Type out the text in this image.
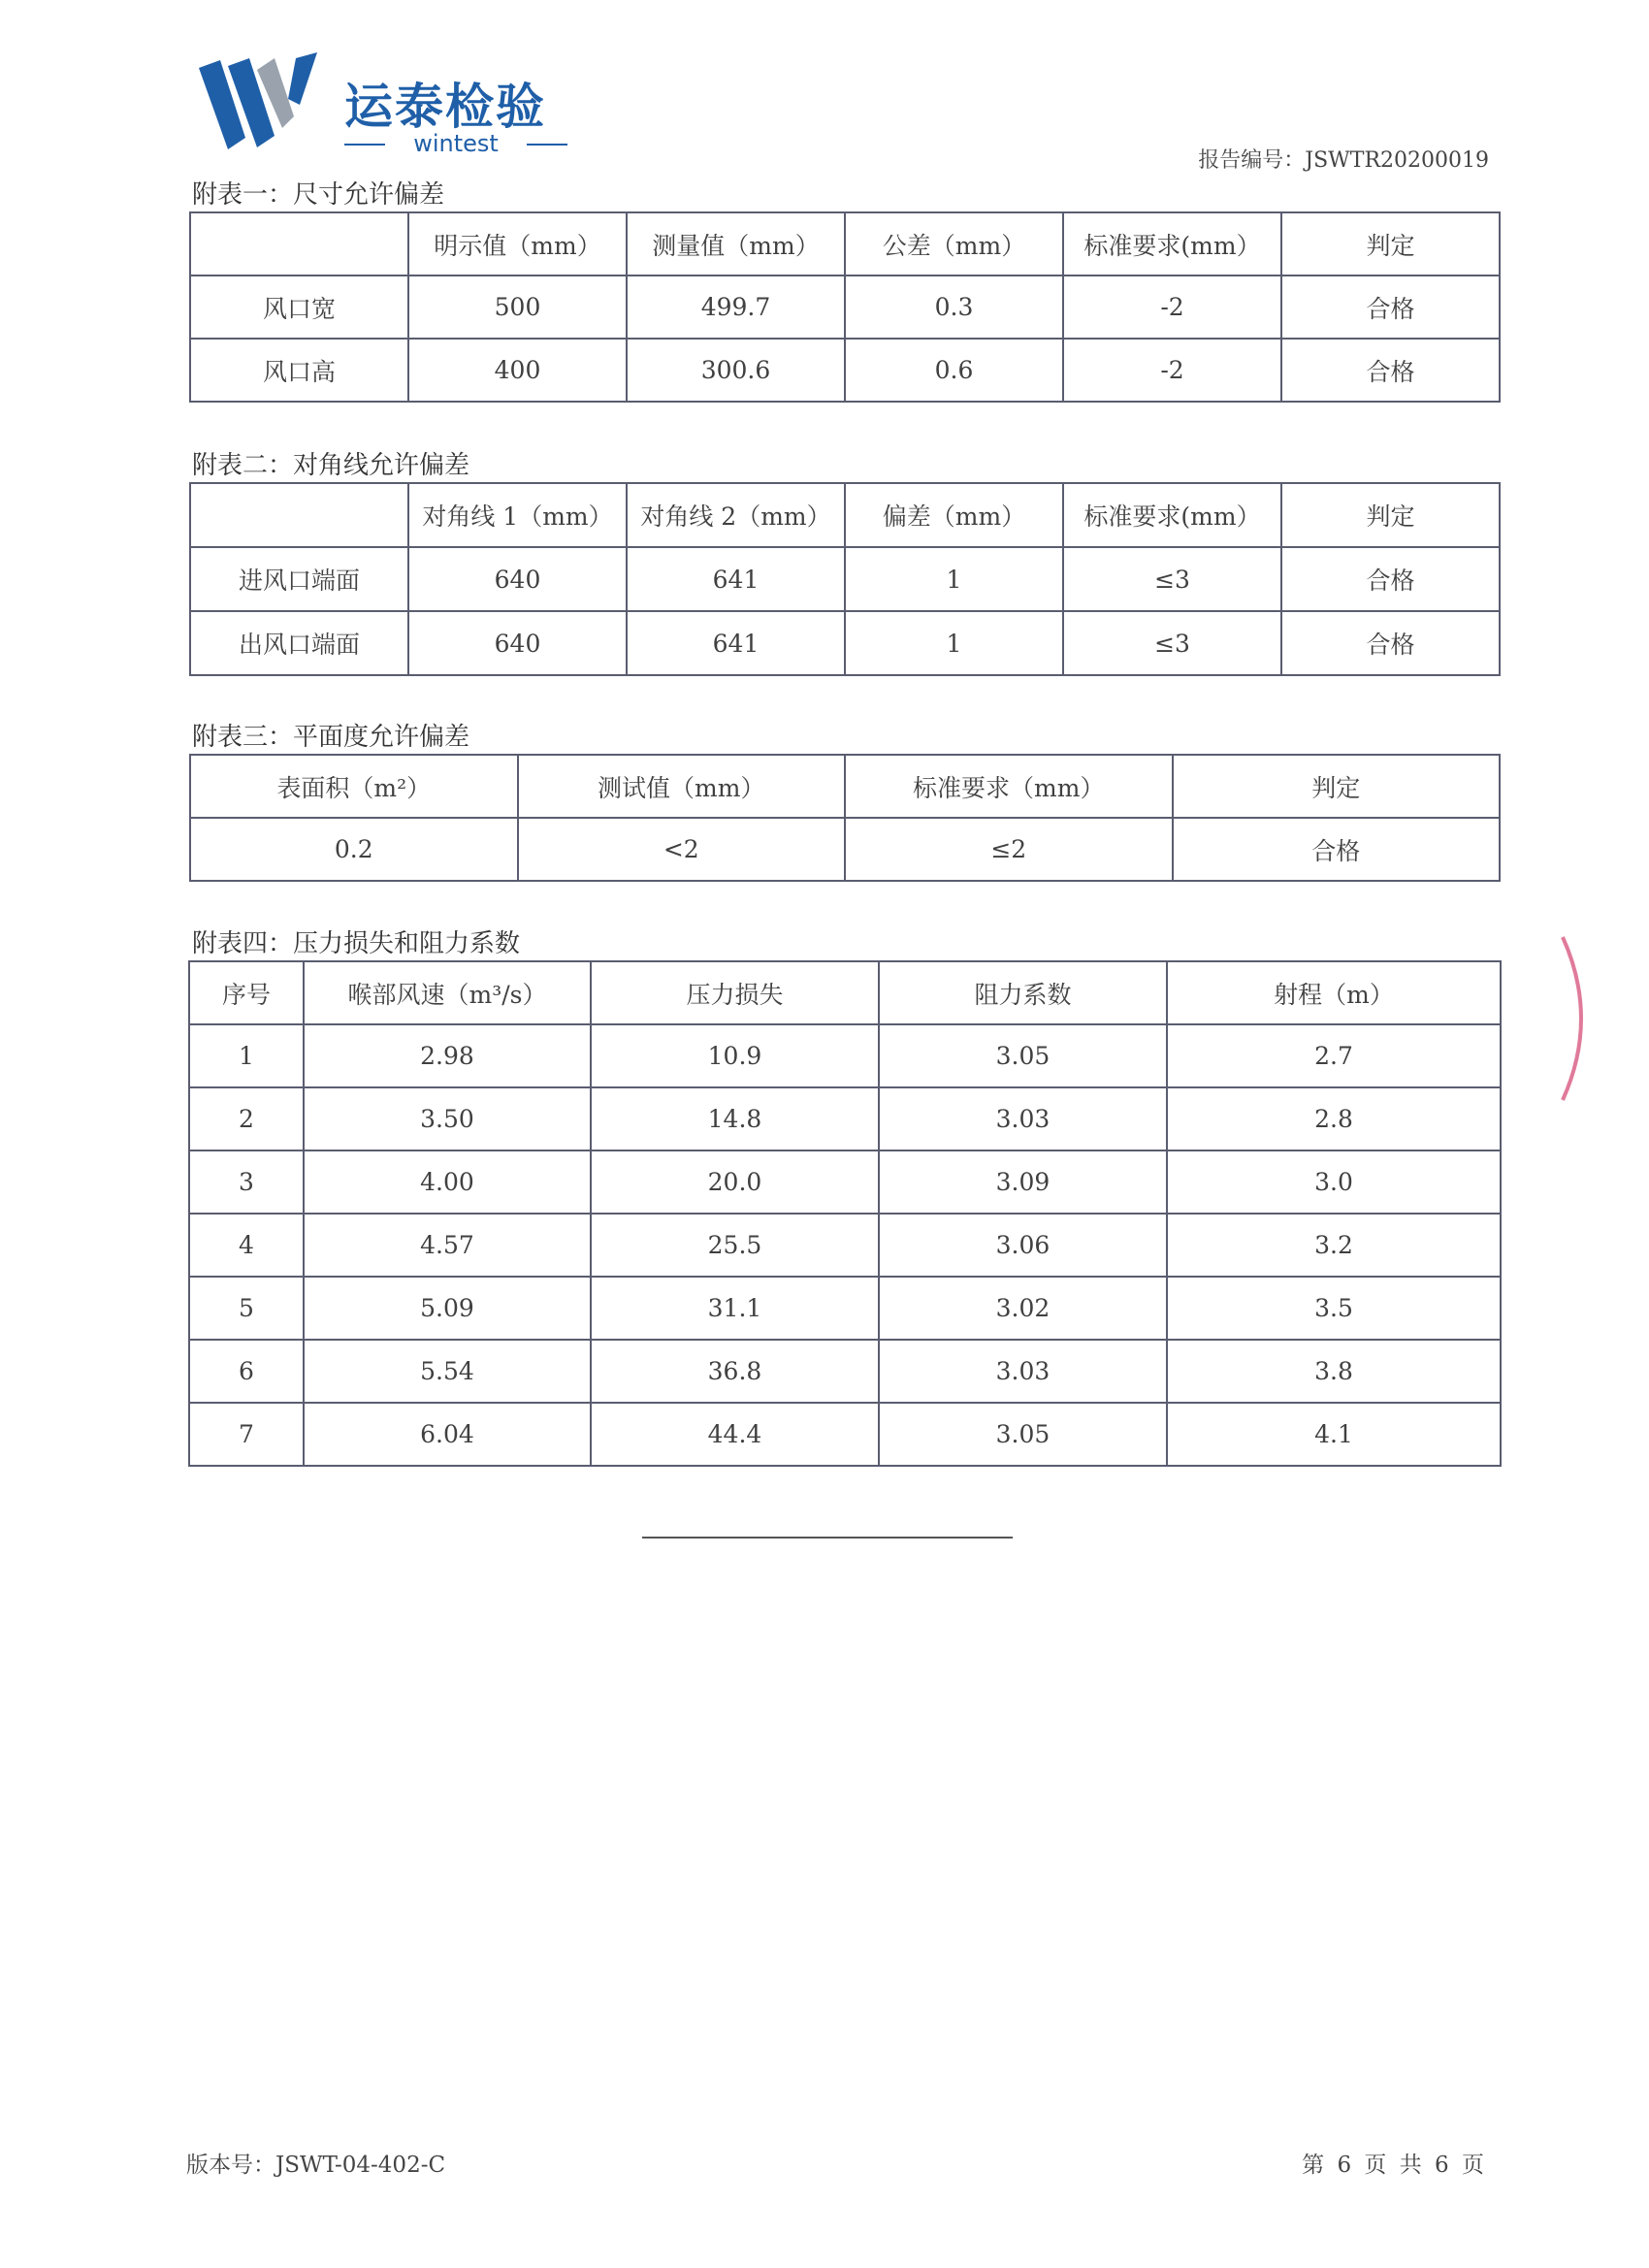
运泰检验
wintest
报告编号：JSWTR20200019
附表一：尺寸允许偏差
	明示值（mm）	测量值（mm）	公差（mm）	标准要求(mm）	判定
风口宽	500	499.7	0.3	-2	合格
风口高	400	300.6	0.6	-2	合格
附表二：对角线允许偏差
	对角线 1（mm）	对角线 2（mm）	偏差（mm）	标准要求(mm）	判定
进风口端面	640	641	1	≤3	合格
出风口端面	640	641	1	≤3	合格
附表三：平面度允许偏差
表面积（m²）	测试值（mm）	标准要求（mm）	判定
0.2	<2	≤2	合格
附表四：压力损失和阻力系数
序号	喉部风速（m³/s）	压力损失	阻力系数	射程（m）
1	2.98	10.9	3.05	2.7
2	3.50	14.8	3.03	2.8
3	4.00	20.0	3.09	3.0
4	4.57	25.5	3.06	3.2
5	5.09	31.1	3.02	3.5
6	5.54	36.8	3.03	3.8
7	6.04	44.4	3.05	4.1
版本号：JSWT-04-402-C	第 6 页 共 6 页
